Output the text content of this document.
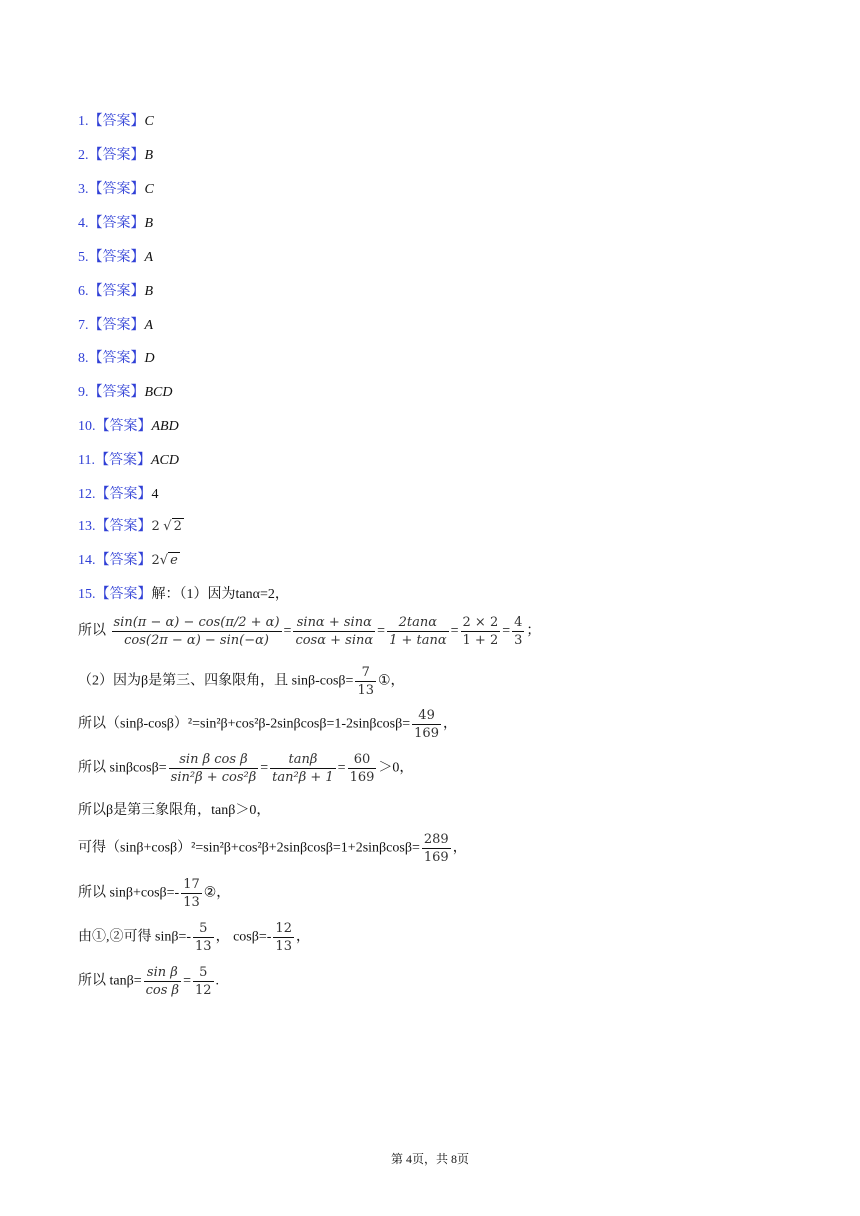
1.【答案】C
2.【答案】B
3.【答案】C
4.【答案】B
5.【答案】A
6.【答案】B
7.【答案】A
8.【答案】D
9.【答案】BCD
10.【答案】ABD
11.【答案】ACD
12.【答案】4
13.【答案】2 √ 2
14.【答案】2√ e
15.【答案】解：（1）因为tanα=2，
所以 $\frac{\sin(\pi - \alpha) - \cos(\pi/2 + \alpha)}{\cos(2\pi - \alpha) - \sin(-\alpha)} = \frac{\sin\alpha + \sin\alpha}{\cos\alpha + \sin\alpha} = \frac{2\tan\alpha}{1 + \tan\alpha} = \frac{2 \times 2}{1 + 2} = \frac{4}{3}$ ；
（2）因为β是第三、四象限角，且 $\sin\beta-\cos\beta= \frac{7}{13}$ ①，
所以$(\sin\beta-\cos\beta)^2=\sin^2\beta+\cos^2\beta-2\sin\beta\cos\beta=1-2\sin\beta\cos\beta= \frac{49}{169}$ ，
所以 $\sin\beta\cos\beta= \frac{\text{sin β cos β}}{\text{sin²β + cos²β}} = \frac{\tan\beta}{\text{tan²β + 1}} = \frac{60}{169} >0$，
所以β是第三象限角，tanβ＞0，
可得$(\sin\beta+\cos\beta)^2=\sin^2\beta+\cos^2\beta+2\sin\beta\cos\beta=1+2\sin\beta\cos\beta= \frac{289}{169}$ ，
所以 $\sin\beta+\cos\beta=- \frac{17}{13}$ ②，
由①,②可得 $\sin\beta=- \frac{5}{13}$ ， $\cos\beta=- \frac{12}{13}$ ，
所以 $\tan\beta= \frac{\text{sin β}}{\text{cos β}} = \frac{5}{12}$ .
第 4页，共 8页
